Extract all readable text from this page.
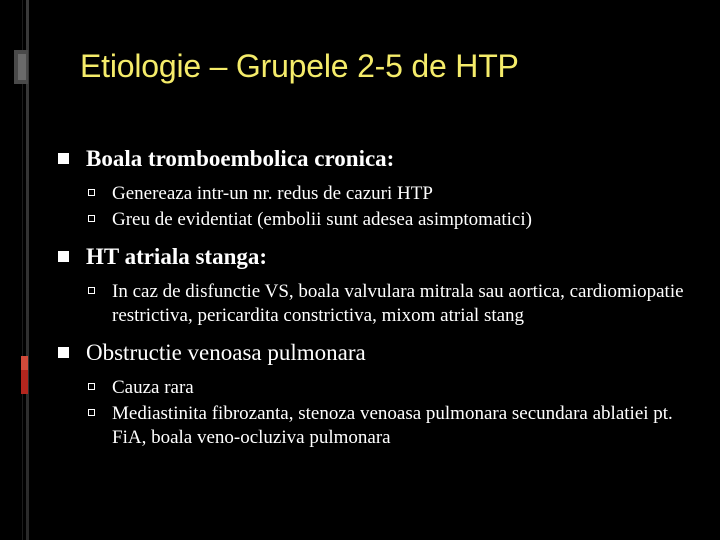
Etiologie – Grupele 2-5 de HTP
Boala tromboembolica cronica:
Genereaza intr-un nr. redus de cazuri HTP
Greu de evidentiat (embolii sunt adesea asimptomatici)
HT atriala stanga:
In caz de disfunctie VS, boala valvulara mitrala sau aortica, cardiomiopatie restrictiva, pericardita constrictiva, mixom atrial stang
Obstructie venoasa pulmonara
Cauza rara
Mediastinita fibrozanta, stenoza venoasa pulmonara secundara ablatiei pt. FiA, boala veno-ocluziva pulmonara
